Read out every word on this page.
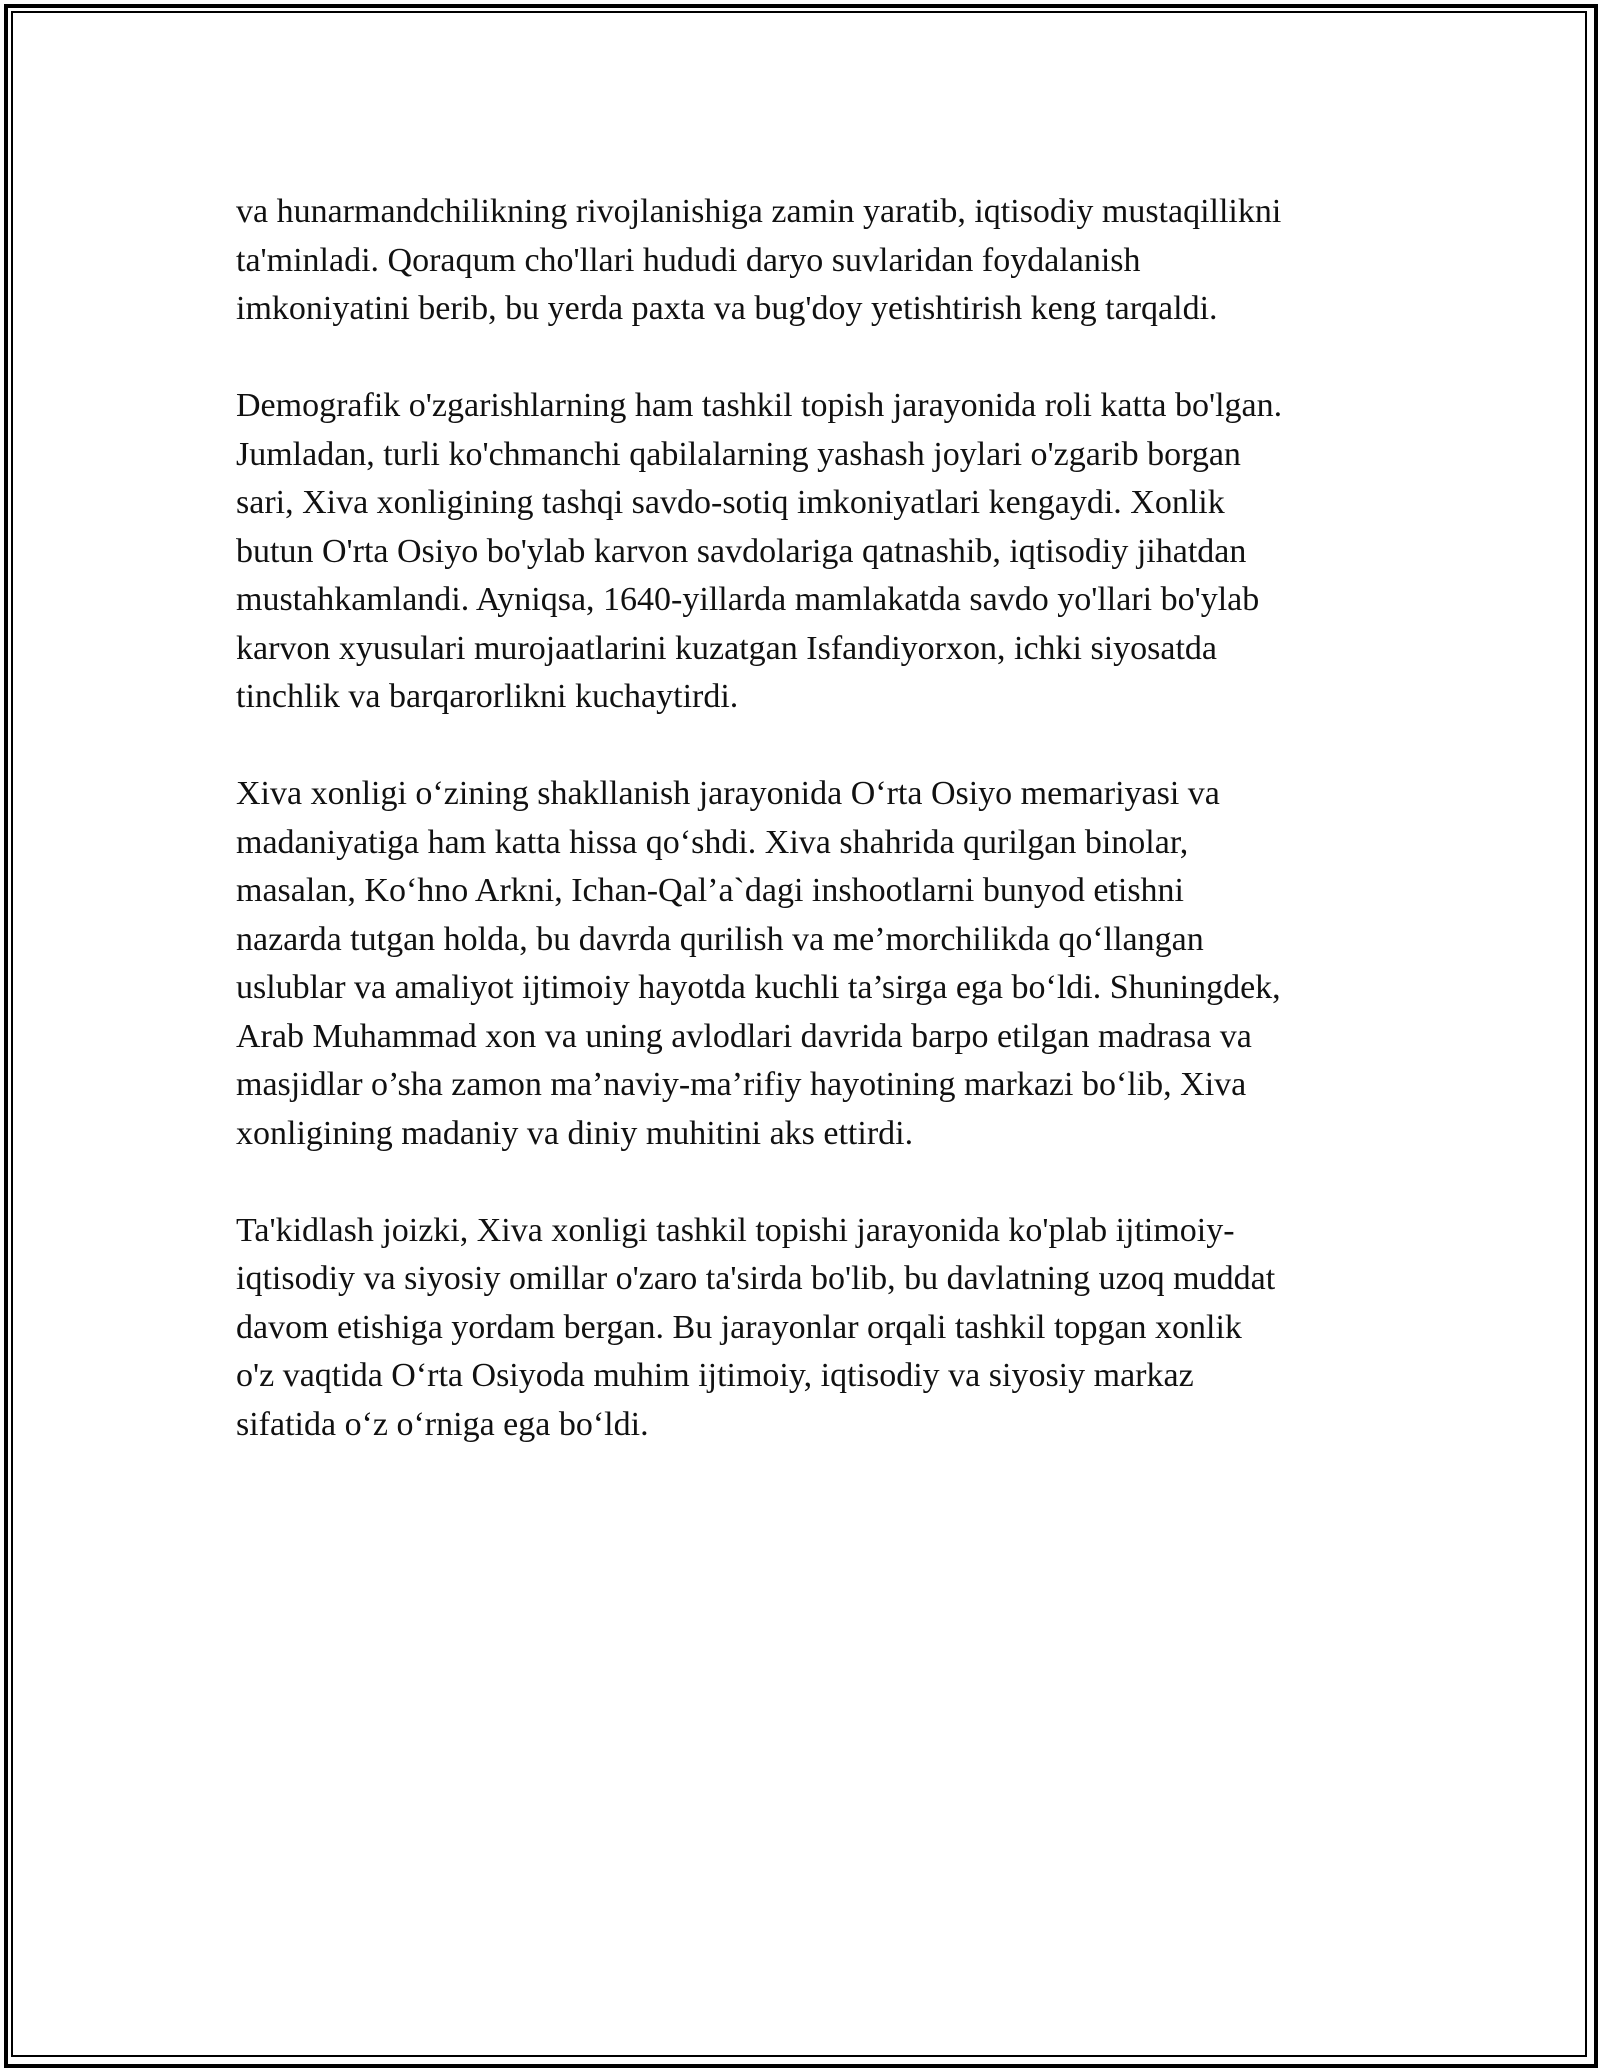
va hunarmandchilikning rivojlanishiga zamin yaratib, iqtisodiy mustaqillikni
ta'minladi. Qoraqum cho'llari hududi daryo suvlaridan foydalanish
imkoniyatini berib, bu yerda paxta va bug'doy yetishtirish keng tarqaldi.
Demografik o'zgarishlarning ham tashkil topish jarayonida roli katta bo'lgan.
Jumladan, turli ko'chmanchi qabilalarning yashash joylari o'zgarib borgan
sari, Xiva xonligining tashqi savdo-sotiq imkoniyatlari kengaydi. Xonlik
butun O'rta Osiyo bo'ylab karvon savdolariga qatnashib, iqtisodiy jihatdan
mustahkamlandi. Ayniqsa, 1640-yillarda mamlakatda savdo yo'llari bo'ylab
karvon xyusulari murojaatlarini kuzatgan Isfandiyorxon, ichki siyosatda
tinchlik va barqarorlikni kuchaytirdi.
Xiva xonligi o‘zining shakllanish jarayonida O‘rta Osiyo memariyasi va
madaniyatiga ham katta hissa qo‘shdi. Xiva shahrida qurilgan binolar,
masalan, Ko‘hno Arkni, Ichan-Qal’a`dagi inshootlarni bunyod etishni
nazarda tutgan holda, bu davrda qurilish va me’morchilikda qo‘llangan
uslublar va amaliyot ijtimoiy hayotda kuchli ta’sirga ega bo‘ldi. Shuningdek,
Arab Muhammad xon va uning avlodlari davrida barpo etilgan madrasa va
masjidlar o’sha zamon ma’naviy-ma’rifiy hayotining markazi bo‘lib, Xiva
xonligining madaniy va diniy muhitini aks ettirdi.
Ta'kidlash joizki, Xiva xonligi tashkil topishi jarayonida ko'plab ijtimoiy-
iqtisodiy va siyosiy omillar o'zaro ta'sirda bo'lib, bu davlatning uzoq muddat
davom etishiga yordam bergan. Bu jarayonlar orqali tashkil topgan xonlik
o'z vaqtida O‘rta Osiyoda muhim ijtimoiy, iqtisodiy va siyosiy markaz
sifatida o‘z o‘rniga ega bo‘ldi.
